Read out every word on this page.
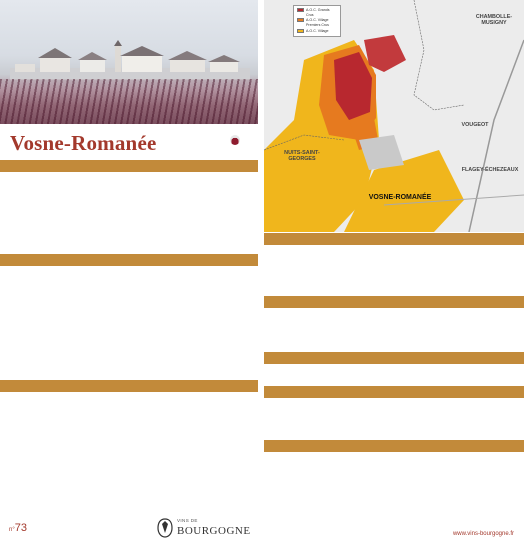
Vosne-Romanée

A.O.C. Grands Crus
A.O.C. Village Premiers Crus
A.O.C. Village
CHAMBOLLE-MUSIGNY
VOUGEOT
NUITS-SAINT-GEORGES
FLAGEY-ÉCHEZEAUX
VOSNE-ROMANÉE

n°73
VINS DE
BOURGOGNE	www.vins-bourgogne.fr
